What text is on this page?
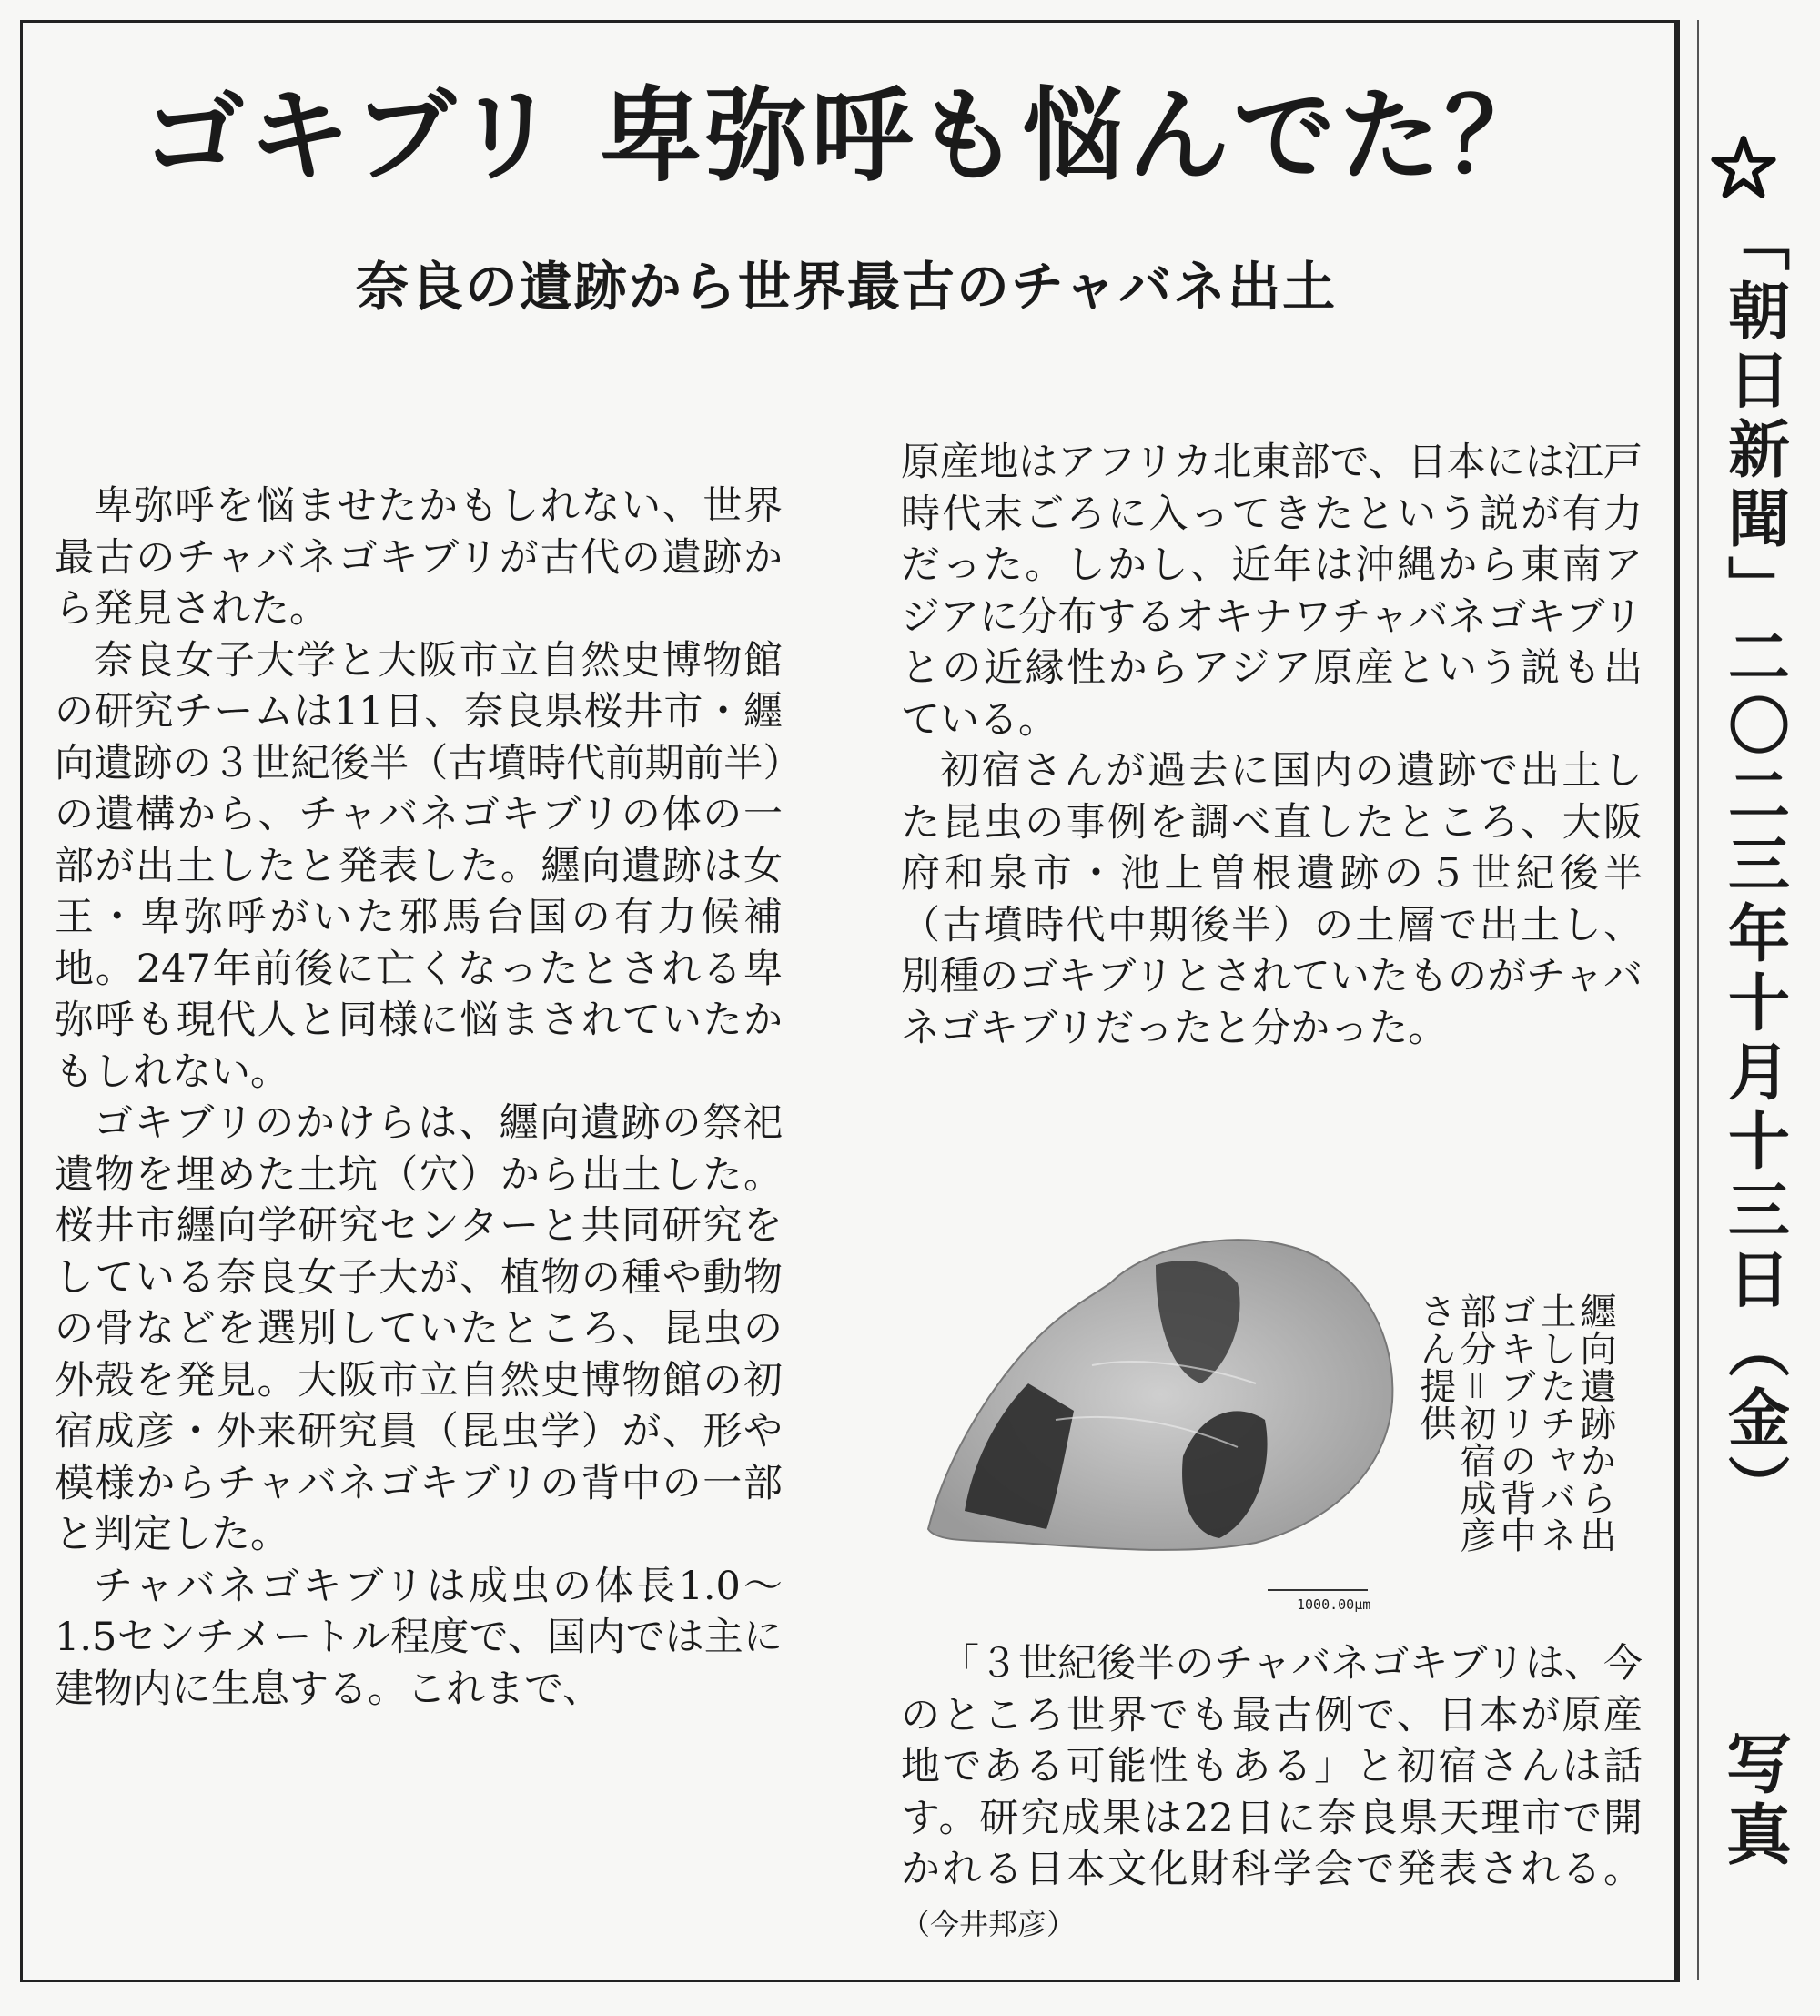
ゴキブリ 卑弥呼も悩んでた？
奈良の遺跡から世界最古のチャバネ出土

卑弥呼を悩ませたかもしれない、世界最古のチャバネゴキブリが古代の遺跡から発見された。

奈良女子大学と大阪市立自然史博物館の研究チームは11日、奈良県桜井市・纒向遺跡の３世紀後半（古墳時代前期前半）の遺構から、チャバネゴキブリの体の一部が出土したと発表した。纒向遺跡は女王・卑弥呼がいた邪馬台国の有力候補地。247年前後に亡くなったとされる卑弥呼も現代人と同様に悩まされていたかもしれない。

ゴキブリのかけらは、纒向遺跡の祭祀遺物を埋めた土坑（穴）から出土した。桜井市纒向学研究センターと共同研究をしている奈良女子大が、植物の種や動物の骨などを選別していたところ、昆虫の外殻を発見。大阪市立自然史博物館の初宿成彦・外来研究員（昆虫学）が、形や模様からチャバネゴキブリの背中の一部と判定した。

チャバネゴキブリは成虫の体長1.0〜1.5センチメートル程度で、国内では主に建物内に生息する。これまで、

原産地はアフリカ北東部で、日本には江戸時代末ごろに入ってきたという説が有力だった。しかし、近年は沖縄から東南アジアに分布するオキナワチャバネゴキブリとの近縁性からアジア原産という説も出ている。

初宿さんが過去に国内の遺跡で出土した昆虫の事例を調べ直したところ、大阪府和泉市・池上曽根遺跡の５世紀後半（古墳時代中期後半）の土層で出土し、別種のゴキブリとされていたものがチャバネゴキブリだったと分かった。

1000.00μm
纒向遺跡から出土したチャバネゴキブリの背中部分＝初宿成彦さん提供

「３世紀後半のチャバネゴキブリは、今のところ世界でも最古例で、日本が原産地である可能性もある」と初宿さんは話す。研究成果は22日に奈良県天理市で開かれる日本文化財科学会で発表される。（今井邦彦）

「朝日新聞」二〇二三年十月十三日（金）
写真
